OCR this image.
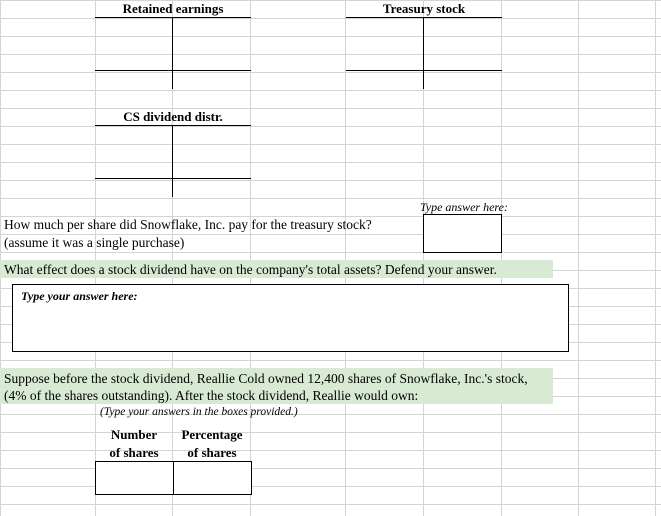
Retained earnings	Treasury stock
CS dividend distr.
Type answer here:
How much per share did Snowflake, Inc. pay for the treasury stock?
(assume it was a single purchase)
What effect does a stock dividend have on the company's total assets? Defend your answer.
Type your answer here:
Suppose before the stock dividend, Reallie Cold owned 12,400 shares of Snowflake, Inc.'s stock,
(4% of the shares outstanding). After the stock dividend, Reallie would own:
(Type your answers in the boxes provided.)
Number
of shares
Percentage
of shares
